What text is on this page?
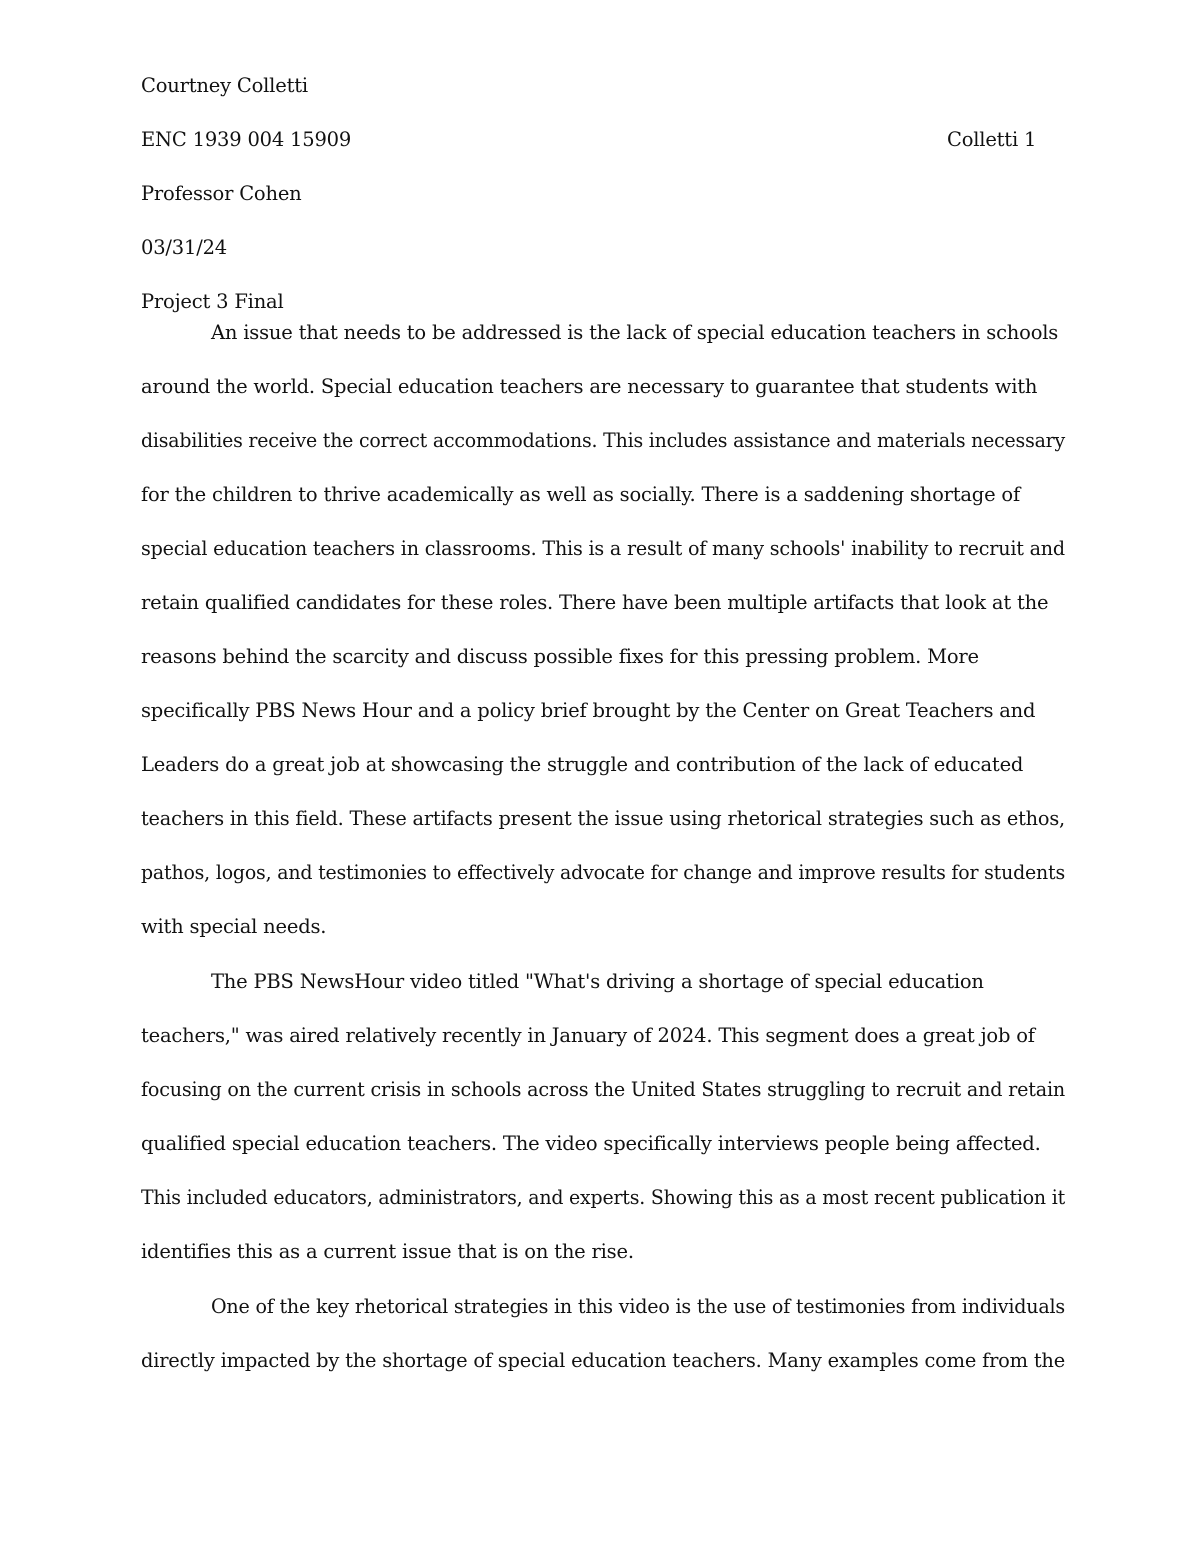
Courtney Colletti
ENC 1939 004 15909	Colletti 1
Professor Cohen
03/31/24
Project 3 Final
An issue that needs to be addressed is the lack of special education teachers in schools
around the world. Special education teachers are necessary to guarantee that students with
disabilities receive the correct accommodations. This includes assistance and materials necessary
for the children to thrive academically as well as socially. There is a saddening shortage of
special education teachers in classrooms. This is a result of many schools' inability to recruit and
retain qualified candidates for these roles. There have been multiple artifacts that look at the
reasons behind the scarcity and discuss possible fixes for this pressing problem. More
specifically PBS News Hour and a policy brief brought by the Center on Great Teachers and
Leaders do a great job at showcasing the struggle and contribution of the lack of educated
teachers in this field. These artifacts present the issue using rhetorical strategies such as ethos,
pathos, logos, and testimonies to effectively advocate for change and improve results for students
with special needs.
The PBS NewsHour video titled "What's driving a shortage of special education
teachers," was aired relatively recently in January of 2024. This segment does a great job of
focusing on the current crisis in schools across the United States struggling to recruit and retain
qualified special education teachers. The video specifically interviews people being affected.
This included educators, administrators, and experts. Showing this as a most recent publication it
identifies this as a current issue that is on the rise.
One of the key rhetorical strategies in this video is the use of testimonies from individuals
directly impacted by the shortage of special education teachers. Many examples come from the
